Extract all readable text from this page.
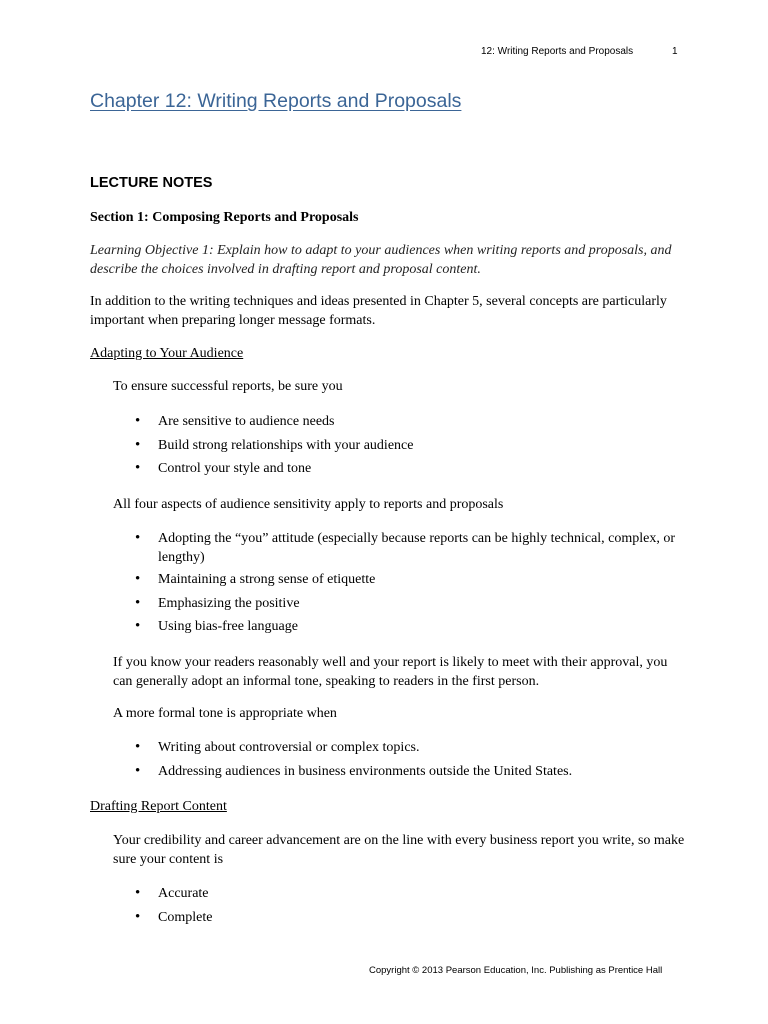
12: Writing Reports and Proposals	1
Chapter 12: Writing Reports and Proposals
LECTURE NOTES
Section 1: Composing Reports and Proposals
Learning Objective 1: Explain how to adapt to your audiences when writing reports and proposals, and
describe the choices involved in drafting report and proposal content.
In addition to the writing techniques and ideas presented in Chapter 5, several concepts are particularly
important when preparing longer message formats.
Adapting to Your Audience
To ensure successful reports, be sure you
• Are sensitive to audience needs
• Build strong relationships with your audience
• Control your style and tone
All four aspects of audience sensitivity apply to reports and proposals
• Adopting the “you” attitude (especially because reports can be highly technical, complex, or
lengthy)
• Maintaining a strong sense of etiquette
• Emphasizing the positive
• Using bias-free language
If you know your readers reasonably well and your report is likely to meet with their approval, you
can generally adopt an informal tone, speaking to readers in the first person.
A more formal tone is appropriate when
• Writing about controversial or complex topics.
• Addressing audiences in business environments outside the United States.
Drafting Report Content
Your credibility and career advancement are on the line with every business report you write, so make
sure your content is
• Accurate
• Complete
Copyright © 2013 Pearson Education, Inc. Publishing as Prentice Hall
